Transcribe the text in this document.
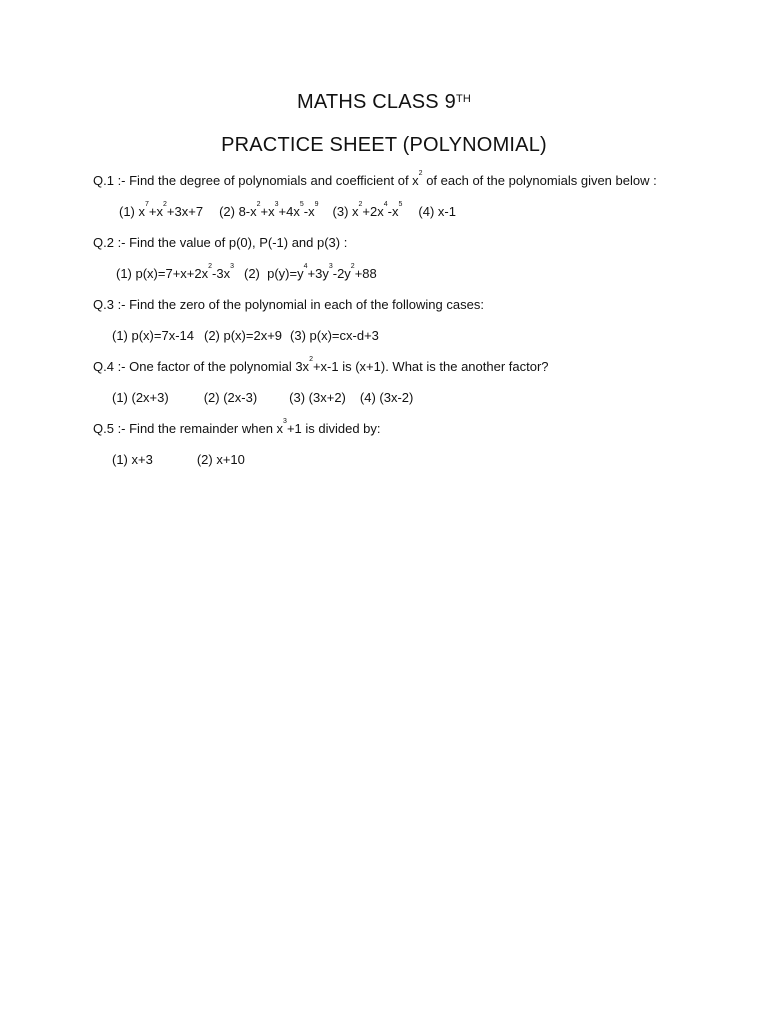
MATHS CLASS 9TH
PRACTICE SHEET (POLYNOMIAL)
Q.1 :- Find the degree of polynomials and coefficient of $x^2$ of each of the polynomials given below :
(1) $x^7+x^2+3x+7$ (2) $8-x^2+x^3+4x^5-x^9$ (3) $x^2+2x^4-x^5$ (4) x-1
Q.2 :- Find the value of p(0), P(-1) and p(3) :
(1) $p(x)=7+x+2x^2-3x^3$ (2)  $p(y)=y^4+3y^3-2y^2+88$
Q.3 :- Find the zero of the polynomial in each of the following cases:
(1) p(x)=7x-14 (2) p(x)=2x+9 (3) p(x)=cx-d+3
Q.4 :- One factor of the polynomial $3x^2+x-1$ is (x+1). What is the another factor?
(1) (2x+3)	(2) (2x-3) (3) (3x+2) (4) (3x-2)
Q.5 :- Find the remainder when $x^3+1$ is divided by:
(1) x+3	(2) x+10
